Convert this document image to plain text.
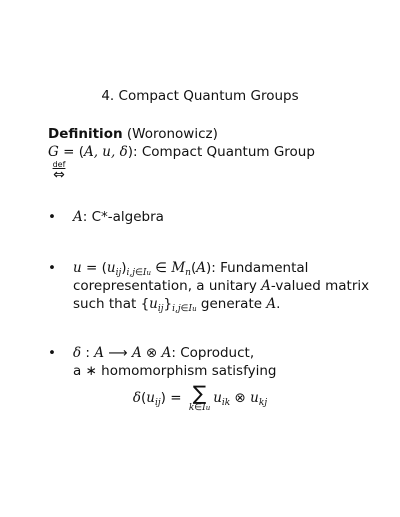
4. Compact Quantum Groups
Definition (Woronowicz)
G = (A, u, δ): Compact Quantum Group
def
⇔
• A: C*-algebra
• $u = (u_{ij})_{i,j\in Iu}$ ∈ $M_n(A)$: Fundamental
corepresentation, a unitary A-valued matrix
such that $\{u_{ij}\}_{i,j\in Iu}$ generate A.
• δ : A ⟶ A ⊗ A: Coproduct,
a ∗ homomorphism satisfying
$\delta(u_{ij})$ = ∑
k∈Iu
$u_{ik}$ ⊗ $u_{kj}$
